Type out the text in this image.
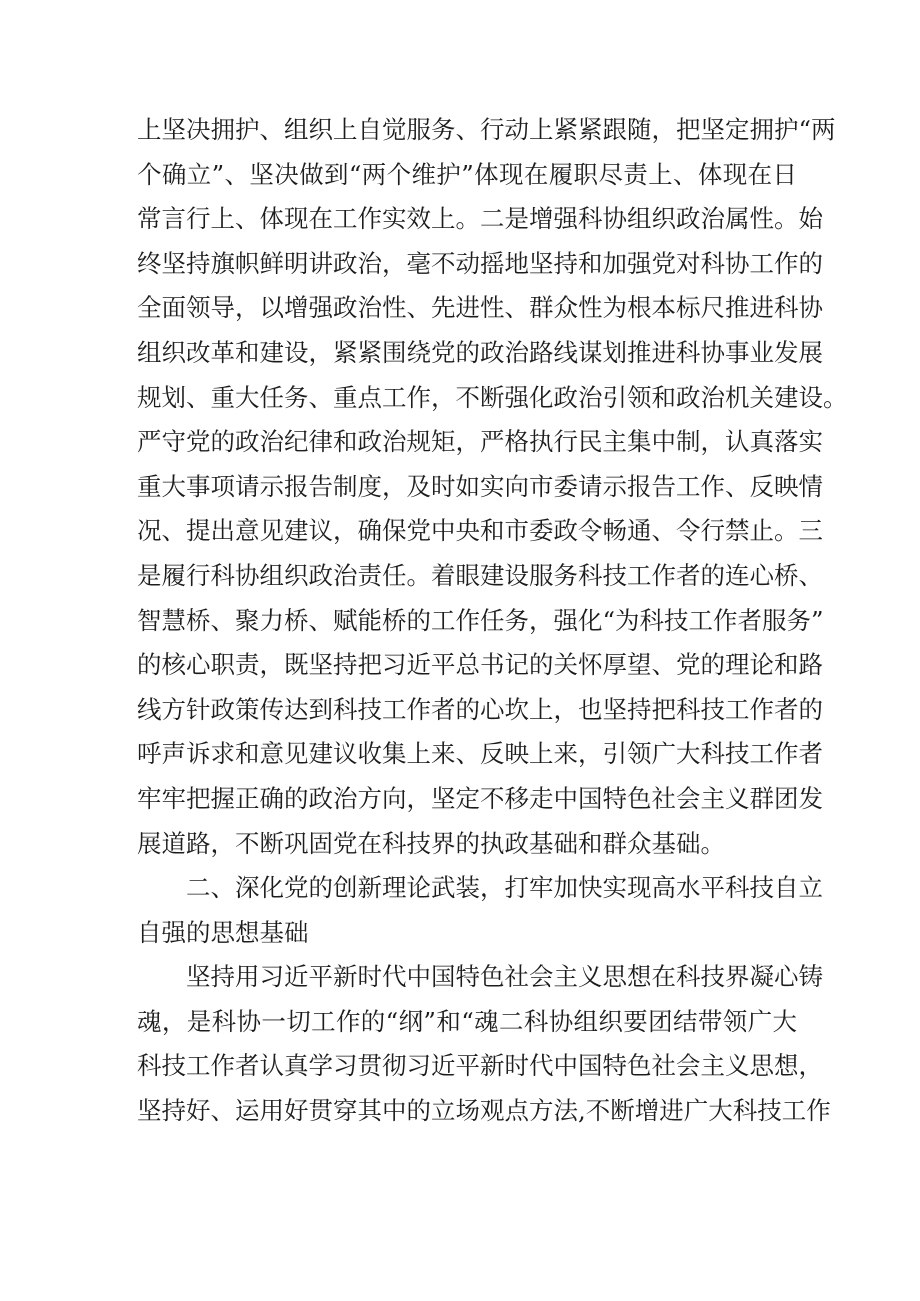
上坚决拥护、组织上自觉服务、行动上紧紧跟随，把坚定拥护“两
个确立”、坚决做到“两个维护”体现在履职尽责上、体现在日
常言行上、体现在工作实效上。二是增强科协组织政治属性。始
终坚持旗帜鲜明讲政治，毫不动摇地坚持和加强党对科协工作的
全面领导，以增强政治性、先进性、群众性为根本标尺推进科协
组织改革和建设，紧紧围绕党的政治路线谋划推进科协事业发展
规划、重大任务、重点工作，不断强化政治引领和政治机关建设。
严守党的政治纪律和政治规矩，严格执行民主集中制，认真落实
重大事项请示报告制度，及时如实向市委请示报告工作、反映情
况、提出意见建议，确保党中央和市委政令畅通、令行禁止。三
是履行科协组织政治责任。着眼建设服务科技工作者的连心桥、
智慧桥、聚力桥、赋能桥的工作任务，强化“为科技工作者服务”
的核心职责，既坚持把习近平总书记的关怀厚望、党的理论和路
线方针政策传达到科技工作者的心坎上，也坚持把科技工作者的
呼声诉求和意见建议收集上来、反映上来，引领广大科技工作者
牢牢把握正确的政治方向，坚定不移走中国特色社会主义群团发
展道路，不断巩固党在科技界的执政基础和群众基础。
二、深化党的创新理论武装，打牢加快实现高水平科技自立
自强的思想基础
坚持用习近平新时代中国特色社会主义思想在科技界凝心铸
魂，是科协一切工作的“纲”和“魂二科协组织要团结带领广大
科技工作者认真学习贯彻习近平新时代中国特色社会主义思想，
坚持好、运用好贯穿其中的立场观点方法,不断增进广大科技工作
